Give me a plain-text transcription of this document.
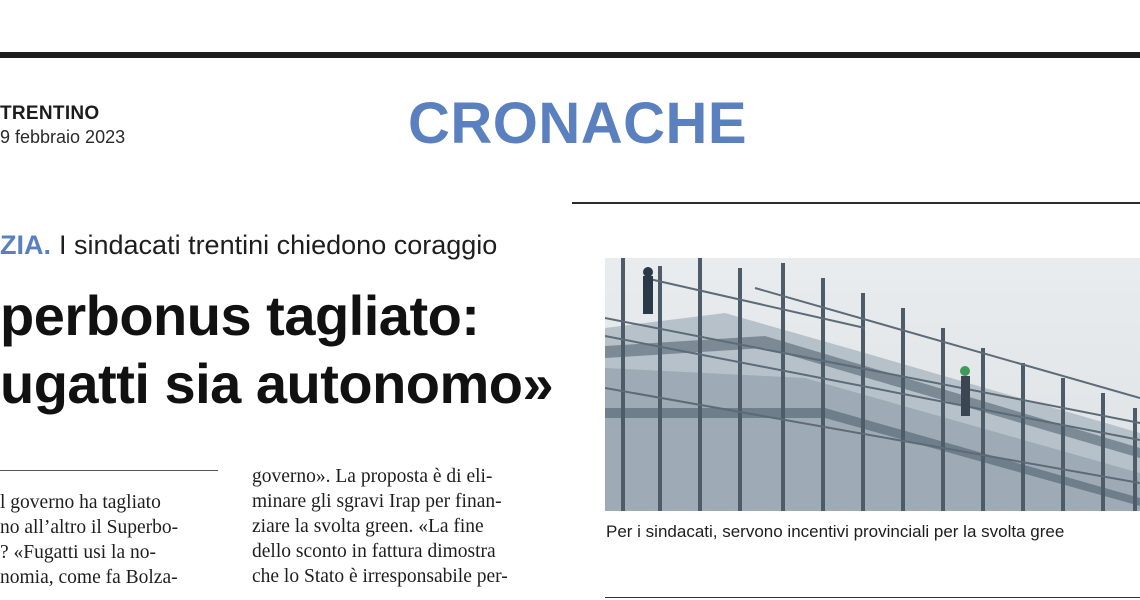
TRENTINO
9 febbraio 2023	CRONACHE
ZIA. I sindacati trentini chiedono coraggio
perbonus tagliato:
ugatti sia autonomo»
l governo ha tagliato
no all’altro il Superbo-
? «Fugatti usi la no-
nomia, come fa Bolza-
governo». La proposta è di eli-
minare gli sgravi Irap per finan-
ziare la svolta green. «La fine
dello sconto in fattura dimostra
che lo Stato è irresponsabile per-
Per i sindacati, servono incentivi provinciali per la svolta gree
